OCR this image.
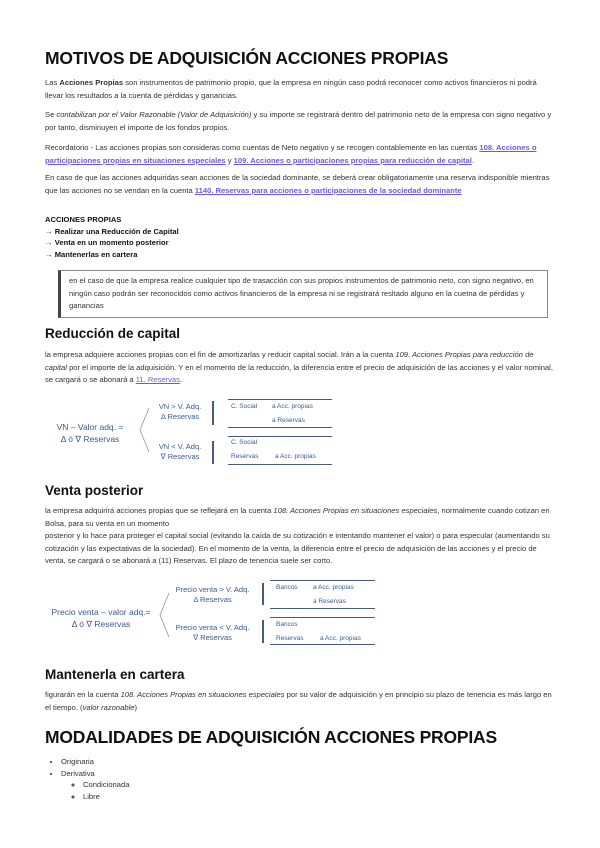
MOTIVOS DE ADQUISICIÓN ACCIONES PROPIAS
Las Acciones Propias son instrumentos de patrimonio propio, que la empresa en ningún caso podrá reconocer como activos financieros ni podrá llevar los resultados a la cuenta de pérdidas y ganancias.
Se contabilizan por el Valor Razonable (Valor de Adquisición) y su importe se registrará dentro del patrimonio neto de la empresa con signo negativo y por tanto, disminuyen el importe de los fondos propios.
Recordatorio - Las acciones propias son consideras como cuentas de Neto negativo y se recogen contablemente en las cuentas 108. Acciones o participaciones propias en situaciones especiales y 109. Acciones o participaciones propias para reducción de capital.
En caso de que las acciones adquiridas sean acciones de la sociedad dominante, se deberá crear obligatoriamente una reserva indisponible mientras que las acciones no se vendan en la cuenta 1140. Reservas para acciones o participaciones de la sociedad dominante
ACCIONES PROPIAS
→ Realizar una Reducción de Capital
→ Venta en un momento posterior
→ Mantenerlas en cartera
en el caso de que la empresa realice cualquier tipo de trasacción con sus propios instrumentos de patrimonio neto, con signo negativo, en ningún caso podrán ser reconocidos como activos financieros de la empresa ni se registrará resltado alguno en la cuetna de pérdidas y ganancias
Reducción de capital
la empresa adquiere acciones propias con el fin de amortizarlas y reducir capital social. Irán a la cuenta 109. Acciones Propias para reducción de capital por el importe de la adquisición. Y en el momento de la reducción, la diferencia entre el precio de adquisición de las acciones y el valor nominal, se cargará o se abonará a 11. Reservas.
VN – Valor adq. =
Δ ó ∇ Reservas
VN > V. Adq.
Δ Reservas
VN < V. Adq.
∇ Reservas
C. Social a Acc. propias
a Reservas
C. Social
Reservas	a Acc. propias
Venta posterior
la empresa adquirirá acciones propias que se reflejará en la cuenta 108. Acciones Propias en situaciones especiales, normalmente cuando cotizan en Bolsa, para su venta en un momento
posterior y lo hace para proteger el capital social (evitando la caída de su cotización e intentando mantener el valor) o para especular (aumentando su cotización y las expectativas de la sociedad). En el momento de la venta, la diferencia entre el precio de adquisición de las acciones y el precio de venta, se cargará o se abonará a (11) Reservas. El plazo de tenencia suele ser corto.
Precio venta – valor adq.=
Δ ó ∇ Reservas
Precio venta > V. Adq.
Δ Reservas
Precio venta < V. Adq.
∇ Reservas
Bancos a Acc. propias
a Reservas
Bancos
Reservas	a Acc. propias
Mantenerla en cartera
figurarán en la cuenta 108. Acciones Propias en situaciones especiales por su valor de adquisición y en principio su plazo de tenencia es más largo en el tiempo. (valor razonable)
MODALIDADES DE ADQUISICIÓN ACCIONES PROPIAS
• Originaria
• Derivativa
◦ Condicionada
◦ Libre
